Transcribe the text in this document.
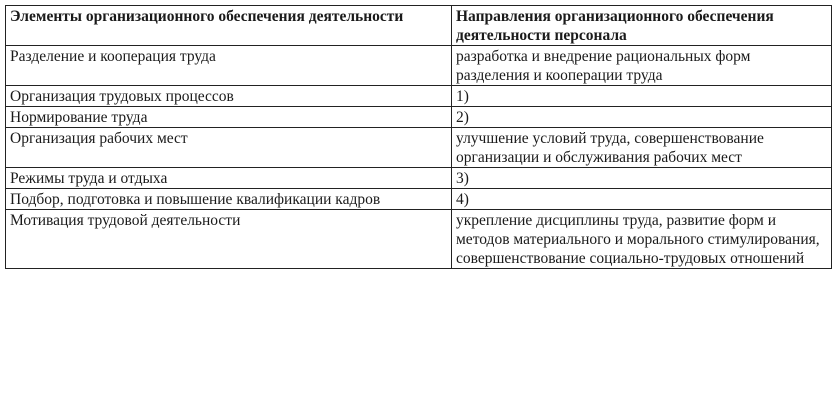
Элементы организационного обеспечения деятельности	Направления организационного обеспечения деятельности персонала
Разделение и кооперация труда	разработка и внедрение рациональных форм разделения и кооперации труда
Организация трудовых процессов	1)
Нормирование труда	2)
Организация рабочих мест	улучшение условий труда, совершенствование организации и обслуживания рабочих мест
Режимы труда и отдыха	3)
Подбор, подготовка и повышение квалификации кадров	4)
Мотивация трудовой деятельности	укрепление дисциплины труда, развитие форм и методов материального и морального стимулирования, совершенствование социально-трудовых отношений
